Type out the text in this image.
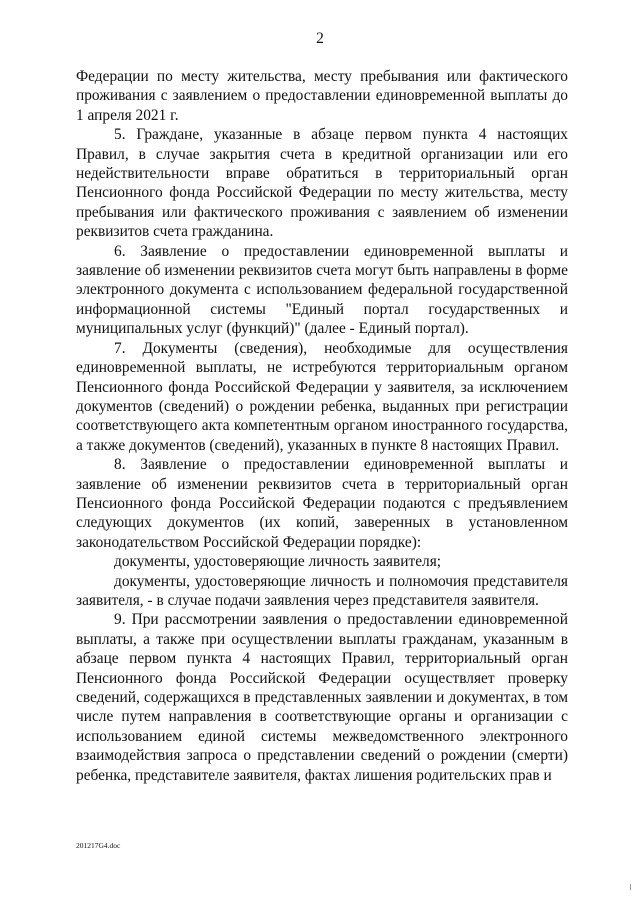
2

Федерации по месту жительства, месту пребывания или фактического проживания с заявлением о предоставлении единовременной выплаты до 1 апреля 2021 г.

5. Граждане, указанные в абзаце первом пункта 4 настоящих Правил, в случае закрытия счета в кредитной организации или его недействительности вправе обратиться в территориальный орган Пенсионного фонда Российской Федерации по месту жительства, месту пребывания или фактического проживания с заявлением об изменении реквизитов счета гражданина.

6. Заявление о предоставлении единовременной выплаты и заявление об изменении реквизитов счета могут быть направлены в форме электронного документа с использованием федеральной государственной информационной системы "Единый портал государственных и муниципальных услуг (функций)" (далее - Единый портал).

7. Документы (сведения), необходимые для осуществления единовременной выплаты, не истребуются территориальным органом Пенсионного фонда Российской Федерации у заявителя, за исключением документов (сведений) о рождении ребенка, выданных при регистрации соответствующего акта компетентным органом иностранного государства, а также документов (сведений), указанных в пункте 8 настоящих Правил.

8. Заявление о предоставлении единовременной выплаты и заявление об изменении реквизитов счета в территориальный орган Пенсионного фонда Российской Федерации подаются с предъявлением следующих документов (их копий, заверенных в установленном законодательством Российской Федерации порядке):

документы, удостоверяющие личность заявителя;

документы, удостоверяющие личность и полномочия представителя заявителя, - в случае подачи заявления через представителя заявителя.

9. При рассмотрении заявления о предоставлении единовременной выплаты, а также при осуществлении выплаты гражданам, указанным в абзаце первом пункта 4 настоящих Правил, территориальный орган Пенсионного фонда Российской Федерации осуществляет проверку сведений, содержащихся в представленных заявлении и документах, в том числе путем направления в соответствующие органы и организации с использованием единой системы межведомственного электронного взаимодействия запроса о представлении сведений о рождении (смерти) ребенка, представителе заявителя, фактах лишения родительских прав и

201217G4.doc
